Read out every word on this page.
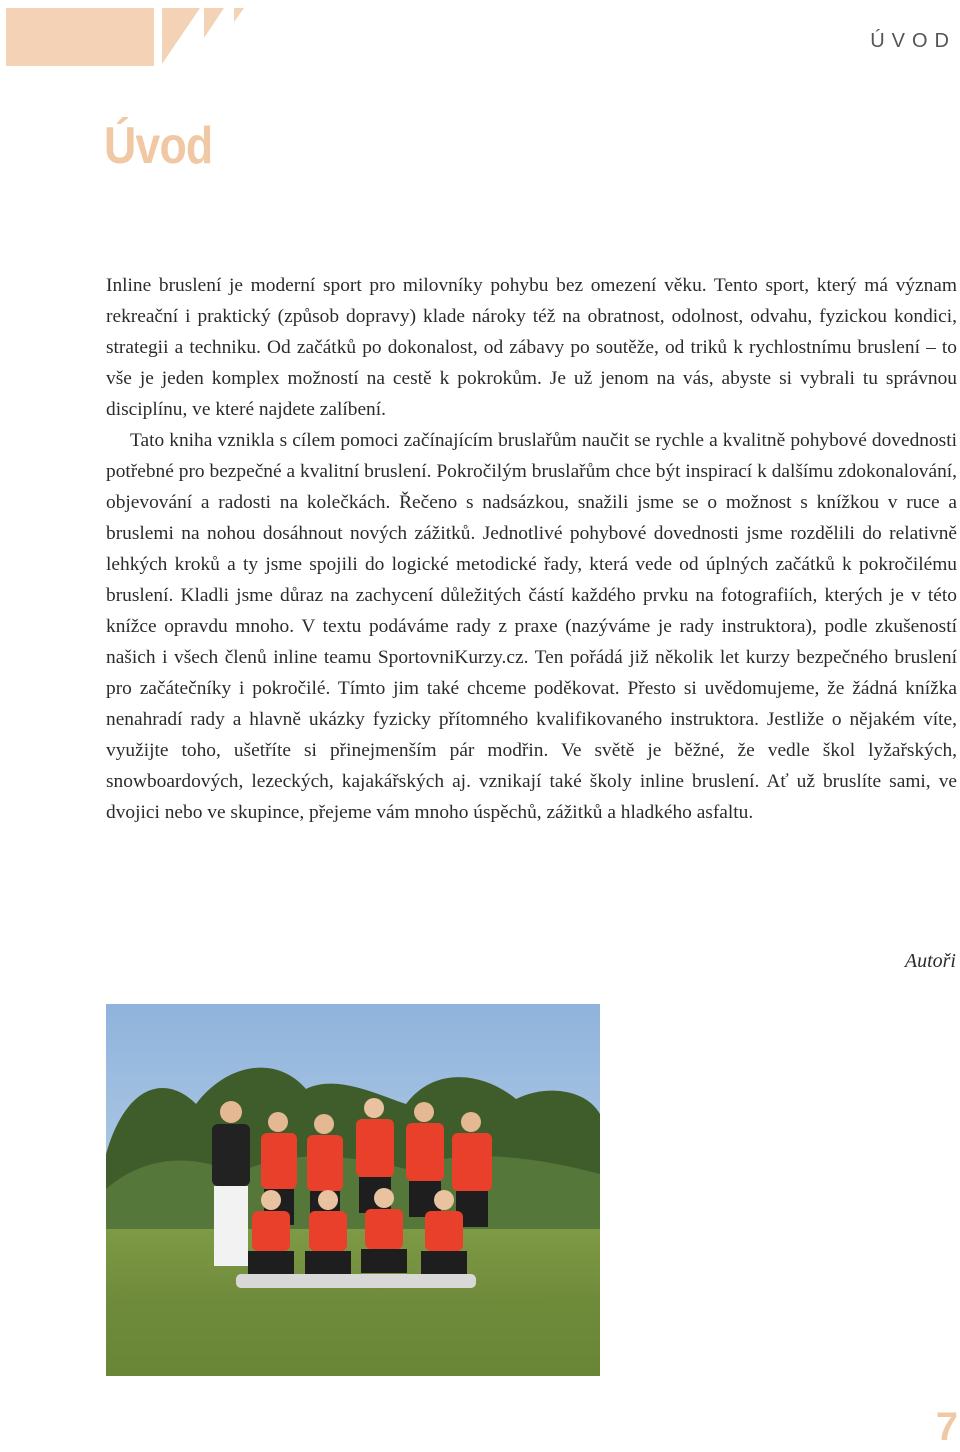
ÚVOD
Úvod

Inline bruslení je moderní sport pro milovníky pohybu bez omezení věku. Tento sport, který má význam rekreační i praktický (způsob dopravy) klade nároky též na obratnost, odolnost, odvahu, fyzickou kondici, strategii a techniku. Od začátků po dokonalost, od zábavy po soutěže, od triků k rychlostnímu bruslení – to vše je jeden komplex možností na cestě k pokrokům. Je už jenom na vás, abyste si vybrali tu správnou disciplínu, ve které najdete zalíbení.

Tato kniha vznikla s cílem pomoci začínajícím bruslařům naučit se rychle a kvalitně pohybové dovednosti potřebné pro bezpečné a kvalitní bruslení. Pokročilým bruslařům chce být inspirací k dalšímu zdokonalování, objevování a radosti na kolečkách. Řečeno s nadsázkou, snažili jsme se o možnost s knížkou v ruce a bruslemi na nohou dosáhnout nových zážitků. Jednotlivé pohybové dovednosti jsme rozdělili do relativně lehkých kroků a ty jsme spojili do logické metodické řady, která vede od úplných začátků k pokročilému bruslení. Kladli jsme důraz na zachycení důležitých částí každého prvku na fotografiích, kterých je v této knížce opravdu mnoho. V textu podáváme rady z praxe (nazýváme je rady instruktora), podle zkušeností našich i všech členů inline teamu SportovniKurzy.cz. Ten pořádá již několik let kurzy bezpečného bruslení pro začátečníky i pokročilé. Tímto jim také chceme poděkovat. Přesto si uvědomujeme, že žádná knížka nenahradí rady a hlavně ukázky fyzicky přítomného kvalifikovaného instruktora. Jestliže o nějakém víte, využijte toho, ušetříte si přinejmenším pár modřin. Ve světě je běžné, že vedle škol lyžařských, snowboardových, lezeckých, kajakářských aj. vznikají také školy inline bruslení. Ať už bruslíte sami, ve dvojici nebo ve skupince, přejeme vám mnoho úspěchů, zážitků a hladkého asfaltu.

Autoři
7
